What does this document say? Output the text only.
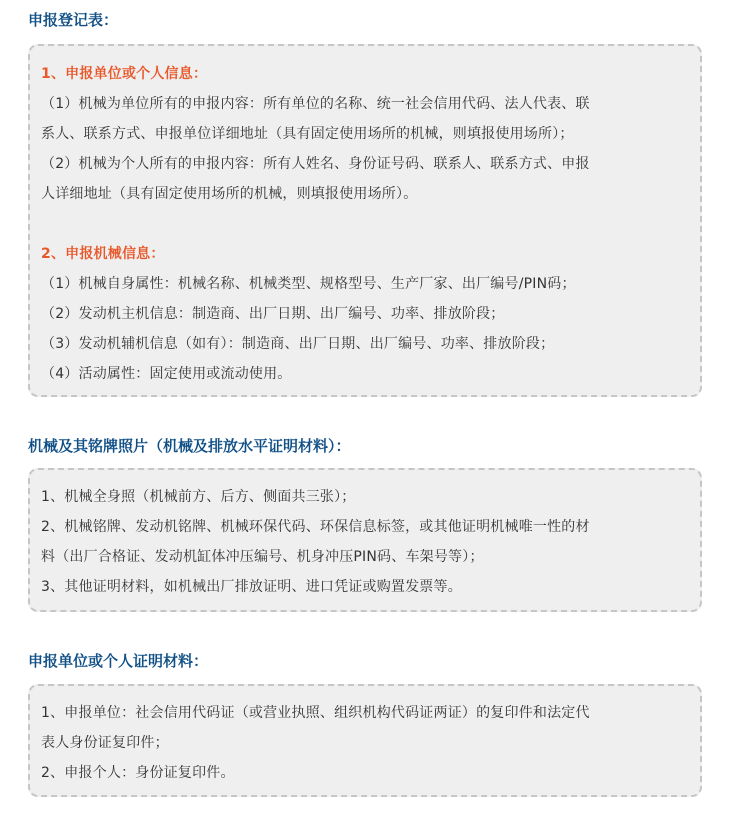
申报登记表：
1、申报单位或个人信息：
（1）机械为单位所有的申报内容：所有单位的名称、统一社会信用代码、法人代表、联
系人、联系方式、申报单位详细地址（具有固定使用场所的机械，则填报使用场所）；
（2）机械为个人所有的申报内容：所有人姓名、身份证号码、联系人、联系方式、申报
人详细地址（具有固定使用场所的机械，则填报使用场所）。
2、申报机械信息：
（1）机械自身属性：机械名称、机械类型、规格型号、生产厂家、出厂编号/PIN码；
（2）发动机主机信息：制造商、出厂日期、出厂编号、功率、排放阶段；
（3）发动机辅机信息（如有）：制造商、出厂日期、出厂编号、功率、排放阶段；
（4）活动属性：固定使用或流动使用。
机械及其铭牌照片（机械及排放水平证明材料）：
1、机械全身照（机械前方、后方、侧面共三张）；
2、机械铭牌、发动机铭牌、机械环保代码、环保信息标签，或其他证明机械唯一性的材
料（出厂合格证、发动机缸体冲压编号、机身冲压PIN码、车架号等）；
3、其他证明材料，如机械出厂排放证明、进口凭证或购置发票等。
申报单位或个人证明材料：
1、申报单位：社会信用代码证（或营业执照、组织机构代码证两证）的复印件和法定代
表人身份证复印件；
2、申报个人：身份证复印件。
